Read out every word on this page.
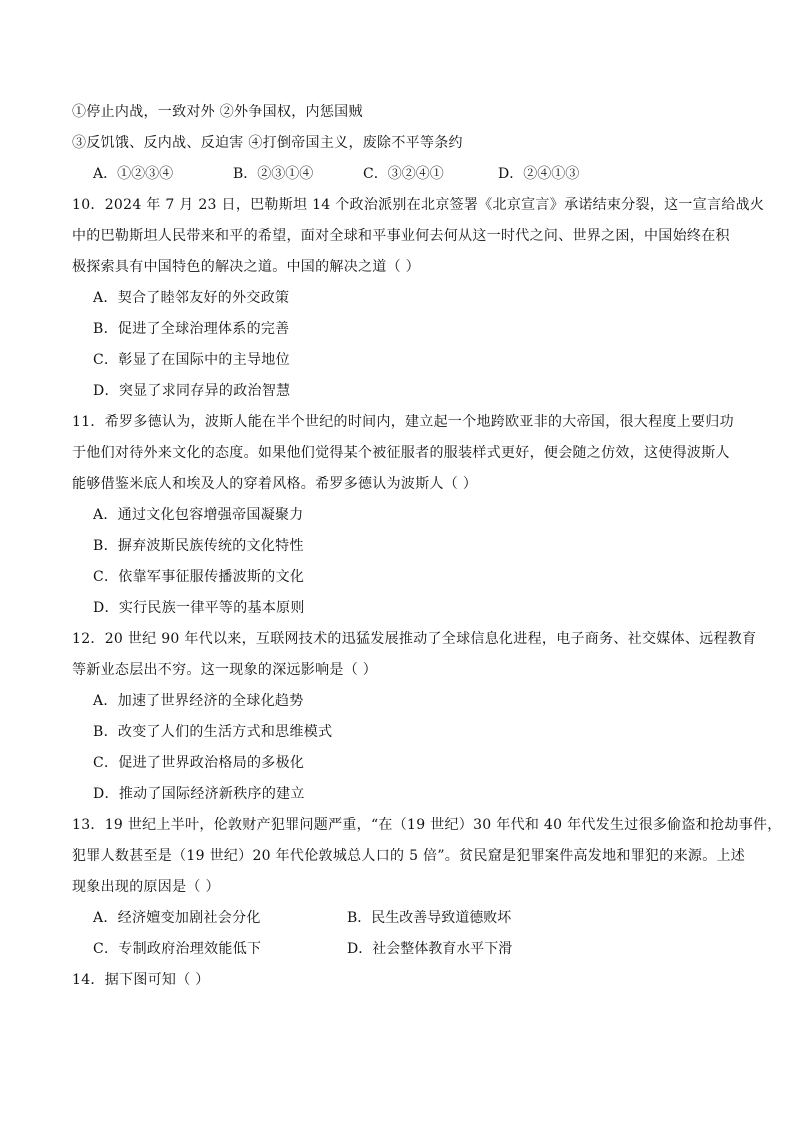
①停止内战，一致对外 ②外争国权，内惩国贼
③反饥饿、反内战、反迫害 ④打倒帝国主义，废除不平等条约
A．①②③④	B．②③①④	C．③②④①	D．②④①③
10．2024 年 7 月 23 日，巴勒斯坦 14 个政治派别在北京签署《北京宣言》承诺结束分裂，这一宣言给战火
中的巴勒斯坦人民带来和平的希望，面对全球和平事业何去何从这一时代之问、世界之困，中国始终在积
极探索具有中国特色的解决之道。中国的解决之道（ ）
A．契合了睦邻友好的外交政策
B．促进了全球治理体系的完善
C．彰显了在国际中的主导地位
D．突显了求同存异的政治智慧
11．希罗多德认为，波斯人能在半个世纪的时间内，建立起一个地跨欧亚非的大帝国，很大程度上要归功
于他们对待外来文化的态度。如果他们觉得某个被征服者的服装样式更好，便会随之仿效，这使得波斯人
能够借鉴米底人和埃及人的穿着风格。希罗多德认为波斯人（ ）
A．通过文化包容增强帝国凝聚力
B．摒弃波斯民族传统的文化特性
C．依靠军事征服传播波斯的文化
D．实行民族一律平等的基本原则
12．20 世纪 90 年代以来，互联网技术的迅猛发展推动了全球信息化进程，电子商务、社交媒体、远程教育
等新业态层出不穷。这一现象的深远影响是（ ）
A．加速了世界经济的全球化趋势
B．改变了人们的生活方式和思维模式
C．促进了世界政治格局的多极化
D．推动了国际经济新秩序的建立
13．19 世纪上半叶，伦敦财产犯罪问题严重，“在（19 世纪）30 年代和 40 年代发生过很多偷盗和抢劫事件，
犯罪人数甚至是（19 世纪）20 年代伦敦城总人口的 5 倍”。贫民窟是犯罪案件高发地和罪犯的来源。上述
现象出现的原因是（ ）
A．经济嬗变加剧社会分化	B．民生改善导致道德败坏
C．专制政府治理效能低下	D．社会整体教育水平下滑
14．据下图可知（ ）
